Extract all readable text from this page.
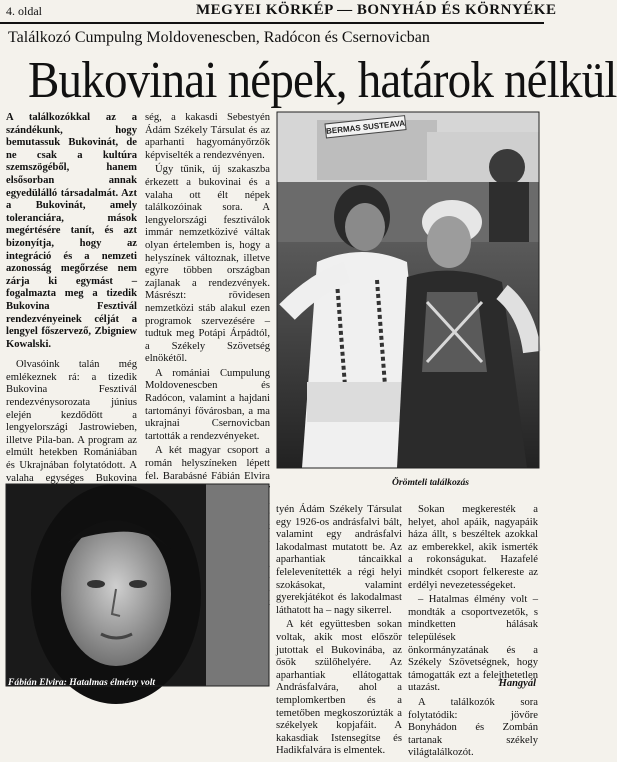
4. oldal	MEGYEI KÖRKÉP — BONYHÁD ÉS KÖRNYÉKE
Találkozó Cumpulng Moldovenescben, Radócon és Csernovicban
Bukovinai népek, határok nélkül

A találkozókkal az a szándékunk, hogy bemutassuk Bukovinát, de ne csak a kultúra szemszögéből, hanem elsősorban annak egyedülálló társadalmát. Azt a Bukovinát, amely toleranciára, mások megértésére tanít, és azt bizonyítja, hogy az integráció és a nemzeti azonosság megőrzése nem zárja ki egymást – fogalmazta meg a tizedik Bukovina Fesztivál rendezvényeinek célját a lengyel főszervező, Zbigniew Kowalski.

Olvasóink talán még emlékeznek rá: a tizedik Bukovina Fesztivál rendezvénysorozata június elején kezdődött a lengyelországi Jastrowieben, illetve Pila-ban. A program az elmúlt hetekben Romániában és Ukrajnában folytatódott. A valaha egységes Bukovina

ség, a kakasdi Sebestyén Ádám Székely Társulat és az aparhanti hagyományőrzők képviselték a rendezvényen.

Úgy tűnik, új szakaszba érkezett a bukovinai és a valaha ott élt népek találkozóinak sora. A lengyelországi fesztiválok immár nemzetközivé váltak olyan értelemben is, hogy a helyszínek változnak, illetve egyre többen országban zajlanak a rendezvények. Másrészt: rövidesen nemzetközi stáb alakul ezen programok szervezésére – tudtuk meg Potápi Árpádtól, a Székely Szövetség elnökétől.

A romániai Cumpulung Moldovenescben és Radócon, valamint a hajdani tartományi fővárosban, a ma ukrajnai Csernovicban tartották a rendezvényeket.

A két magyar csoport a román helyszíneken lépett fel. Barabásné Fábián Elvira

BERMAS SUSTEAVA
Örömteli találkozás
Fábián Elvira: Hatalmas élmény volt

tyén Ádám Székely Társulat egy 1926-os andrásfalvi bált, valamint egy andrásfalvi lakodalmast mutatott be. Az aparhantiak táncaikkal felelevenítették a régi helyi szokásokat, valamint gyerekjátékot és lakodalmast láthatott ha – nagy sikerrel.

A két együttesben sokan voltak, akik most először jutottak el Bukovinába, az ősök szülőhelyére. Az aparhantiak ellátogattak Andrásfalvára, ahol a templomkertben és a temetőben megkoszorúzták a székelyek kopjafáit. A kakasdiak Istensegítse és Hadikfalvára is elmentek.

Sokan megkeresték a helyet, ahol apáik, nagyapáik háza állt, s beszéltek azokkal az emberekkel, akik ismerték a rokonságukat. Hazafelé mindkét csoport felkereste az erdélyi nevezetességeket.

– Hatalmas élmény volt – mondták a csoportvezetők, s mindketten hálásak települések önkormányzatának és a Székely Szövetségnek, hogy támogatták ezt a felejthetetlen utazást.

A találkozók sora folytatódik: jövőre Bonyhádon és Zombán tartanak székely világtalálkozót.

Hangyál
